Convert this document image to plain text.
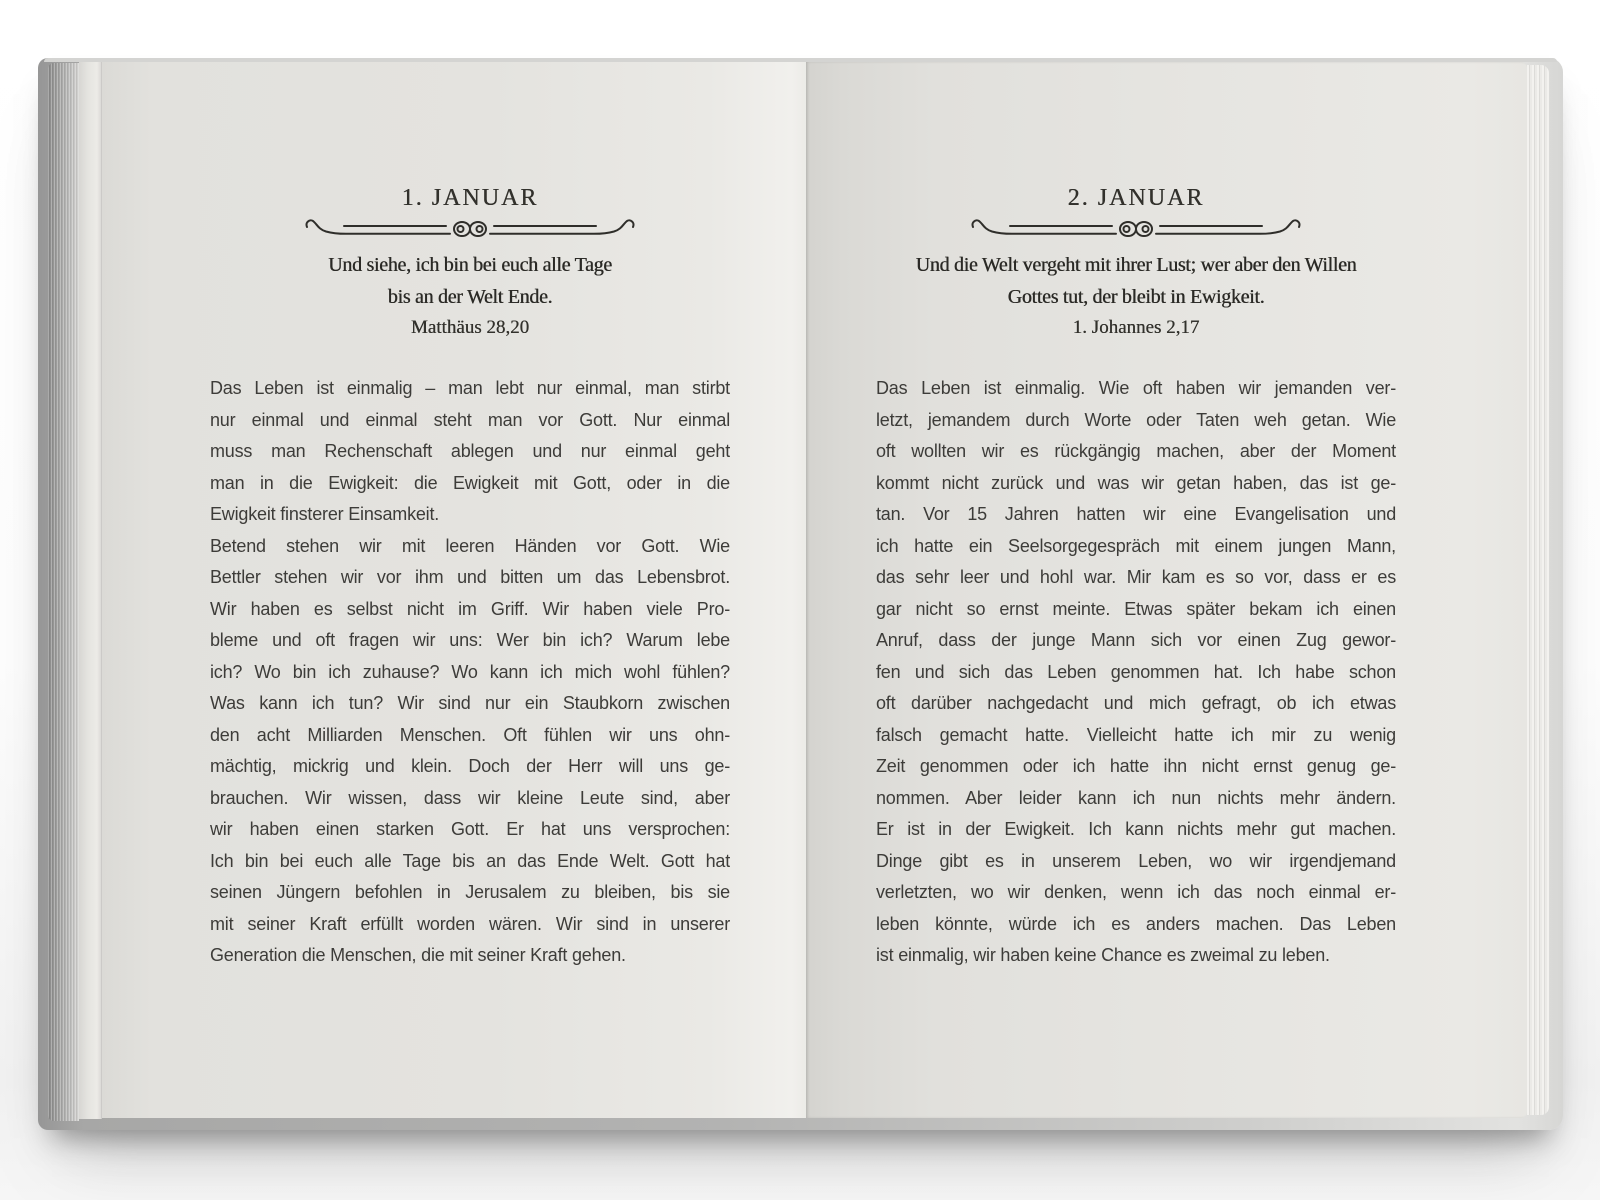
1. JANUAR
Und siehe, ich bin bei euch alle Tage
bis an der Welt Ende.
Matthäus 28,20
Das Leben ist einmalig – man lebt nur einmal, man stirbt
nur einmal und einmal steht man vor Gott. Nur einmal
muss man Rechenschaft ablegen und nur einmal geht
man in die Ewigkeit: die Ewigkeit mit Gott, oder in die
Ewigkeit finsterer Einsamkeit.
Betend stehen wir mit leeren Händen vor Gott. Wie
Bettler stehen wir vor ihm und bitten um das Lebensbrot.
Wir haben es selbst nicht im Griff. Wir haben viele Pro-
bleme und oft fragen wir uns: Wer bin ich? Warum lebe
ich? Wo bin ich zuhause? Wo kann ich mich wohl fühlen?
Was kann ich tun? Wir sind nur ein Staubkorn zwischen
den acht Milliarden Menschen. Oft fühlen wir uns ohn-
mächtig, mickrig und klein. Doch der Herr will uns ge-
brauchen. Wir wissen, dass wir kleine Leute sind, aber
wir haben einen starken Gott. Er hat uns versprochen:
Ich bin bei euch alle Tage bis an das Ende Welt. Gott hat
seinen Jüngern befohlen in Jerusalem zu bleiben, bis sie
mit seiner Kraft erfüllt worden wären. Wir sind in unserer
Generation die Menschen, die mit seiner Kraft gehen.
2. JANUAR
Und die Welt vergeht mit ihrer Lust; wer aber den Willen
Gottes tut, der bleibt in Ewigkeit.
1. Johannes 2,17
Das Leben ist einmalig. Wie oft haben wir jemanden ver-
letzt, jemandem durch Worte oder Taten weh getan. Wie
oft wollten wir es rückgängig machen, aber der Moment
kommt nicht zurück und was wir getan haben, das ist ge-
tan. Vor 15 Jahren hatten wir eine Evangelisation und
ich hatte ein Seelsorgegespräch mit einem jungen Mann,
das sehr leer und hohl war. Mir kam es so vor, dass er es
gar nicht so ernst meinte. Etwas später bekam ich einen
Anruf, dass der junge Mann sich vor einen Zug gewor-
fen und sich das Leben genommen hat. Ich habe schon
oft darüber nachgedacht und mich gefragt, ob ich etwas
falsch gemacht hatte. Vielleicht hatte ich mir zu wenig
Zeit genommen oder ich hatte ihn nicht ernst genug ge-
nommen. Aber leider kann ich nun nichts mehr ändern.
Er ist in der Ewigkeit. Ich kann nichts mehr gut machen.
Dinge gibt es in unserem Leben, wo wir irgendjemand
verletzten, wo wir denken, wenn ich das noch einmal er-
leben könnte, würde ich es anders machen. Das Leben
ist einmalig, wir haben keine Chance es zweimal zu leben.
